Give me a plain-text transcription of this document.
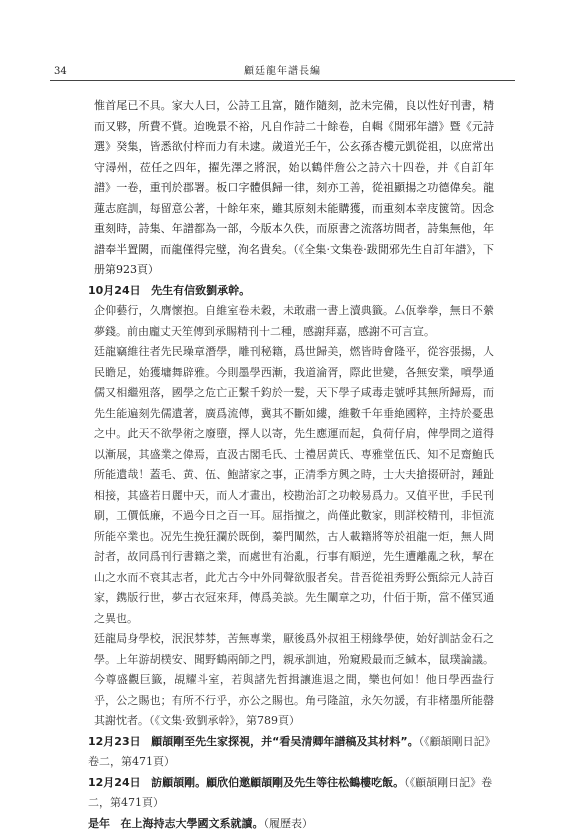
34	顧廷龍年譜長編

惟首尾已不具。家大人曰，公詩工且富，隨作隨刻，訖未完備，良以性好刊書，精而又夥，所費不貲。迨晚景不裕，凡自作詩二十餘卷，自輯《閒邪年譜》暨《元詩選》癸集，皆悉欲付梓而力有未逮。歲道光壬午，公玄孫杏樓元凱從祖，以庶常出守潯州，莅任之四年，擢先澤之將泯，始以鶴伴詹公之詩六十四卷，并《自訂年譜》一卷，重刊於郡署。板口字體俱歸一律，刻亦工善，從祖顯揚之功德偉矣。龍蓮志庭訓，每留意公著，十餘年來，雖其原刻未能購獲，而重刻本幸庋篋笥。因念重刻時，詩集、年譜都為一部，今版本久佚，而原書之流落坊間者，詩集無他，年譜奉半置闕，而龍僅得完璧，洵名貴矣。（《全集·文集卷·跋閒邪先生自訂年譜》，下册第923頁）

10月24日 先生有信致劉承幹。

企仰藝行，久膺懷抱。自維室卷未穀，未敢肅一書上瀆典籤。厶佤拳拳，無日不縈夢錢。前由龐丈天笙傳到承賜精刊十二種，感謝拜嘉，感謝不可言宣。

廷龍竊維往者先民璪章潛學，雕刊秘籍，爲世歸美，燃皆時會隆平，從容張揚，人民瞻足，始獲墉舞辟雅。今則墨學西漸，我道淪胥，際此世變，各無安業，嗊學通儒又相繼殂落，國學之危亡正繫千鈞於一髮，天下學子咸毒走號呼其無所歸焉，而先生能遍刻先儒遺著，廣爲流傳，冀其不斷如縷，維數千年垂絶國粹，主持於憂患之中。此天不欲學術之廢墮，擇人以寄，先生應運而起，負荷仔肩，俾學問之道得以漸展，其盛業之偉焉，直汲古閣毛氏、士禮居黄氏、専雅堂伍氏、知不足齋鮑氏所能遺哉！蓋毛、黄、伍、鮑諸家之事，正清季方興之時，士大夫搶掇研討，踵趾相接，其盛若日麗中天，而人才畫出，校勘治訂之功較易爲力。又值平世，手民刊刷，工價低廉，不過今日之百一耳。屈指擅之，尚僅此數家，則詳校精刊，非恒流所能卒業也。况先生挽狂瀾於既倒，蓁門闡然，古人載籍將等於祖龍一炬，無人問討者，故同爲刊行書籍之業，而處世有治亂，行事有順逆，先生遭離亂之秋，挈在山之水而不衰其志者，此尤古今中外同聲欲服者矣。昔吾從祖秀野公甄綜元人詩百家，鎸版行世，夢古衣冠來拜，傳爲美談。先生闡章之功，什佰于斯，當不僅冥通之異也。

廷龍局身學校，泯泯棼棼，苦無專業，厭後爲外叔祖王栩緣學使，始好訓詁金石之學。上年游胡樸安、聞野鶴兩師之門，親承訓迪，殆窺殿最而乏緘本，鼠璞論議。今尊盛觀巨籤，覘耀斗室，若與諸先哲揖讓進退之間，樂也何如！他日學西盎行乎，公之賜也；有所不行乎，亦公之賜也。角弓隆誼，永矢勿諼，有非楮墨所能罄其謝忱者。（《文集·致劉承幹》，第789頁）

12月23日 顧頡剛至先生家探視，并“看吴清卿年譜稿及其材料”。（《顧頡剛日記》卷二，第471頁）

12月24日 訪顧頡剛。顧欣伯邀顧頡剛及先生等往松鶴樓吃飯。（《顧頡剛日記》卷二，第471頁）

是年 在上海持志大學國文系就讀。（履歷表）
